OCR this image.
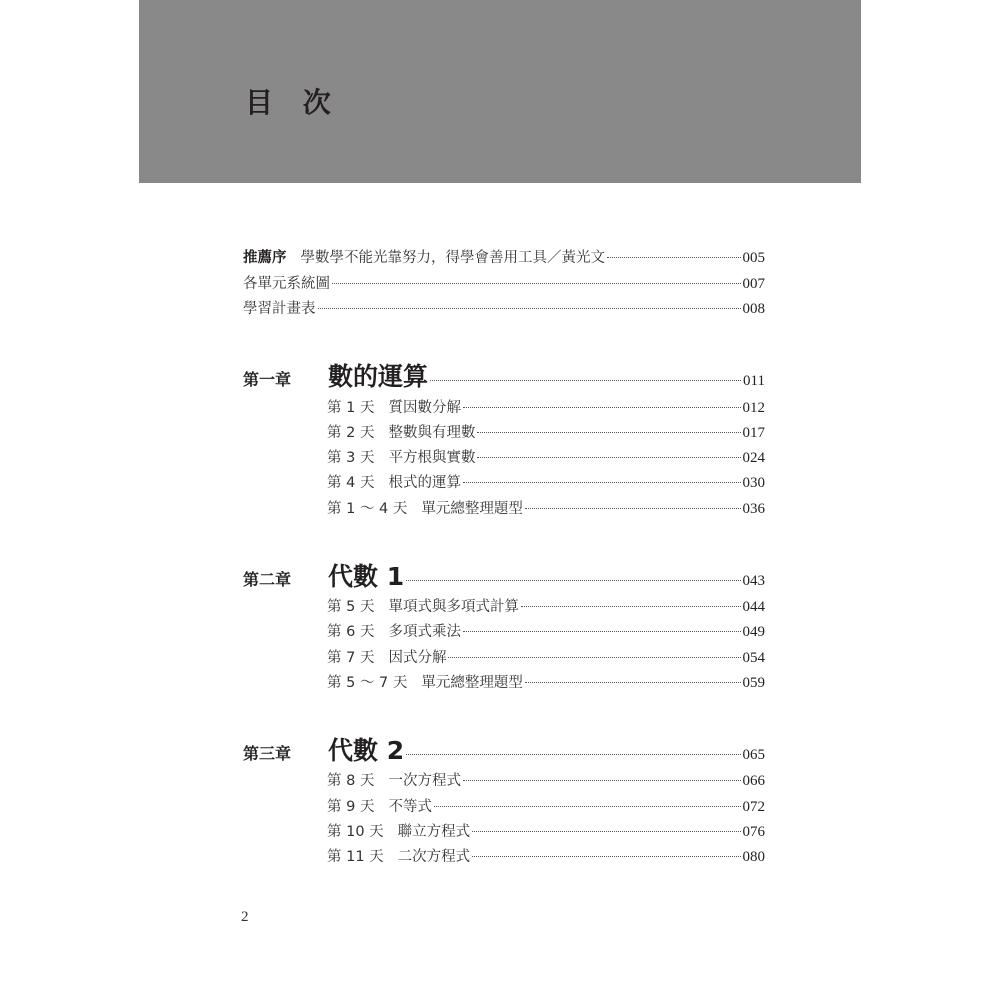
目 次
推薦序 學數學不能光靠努力，得學會善用工具／黃光文	005
各單元系統圖	007
學習計畫表	008
第一章	數的運算	011
第 1 天 質因數分解	012
第 2 天 整數與有理數	017
第 3 天 平方根與實數	024
第 4 天 根式的運算	030
第 1 ～ 4 天 單元總整理題型	036
第二章	代數 1	043
第 5 天 單項式與多項式計算	044
第 6 天 多項式乘法	049
第 7 天 因式分解	054
第 5 ～ 7 天 單元總整理題型	059
第三章	代數 2	065
第 8 天 一次方程式	066
第 9 天 不等式	072
第 10 天 聯立方程式	076
第 11 天 二次方程式	080
2
